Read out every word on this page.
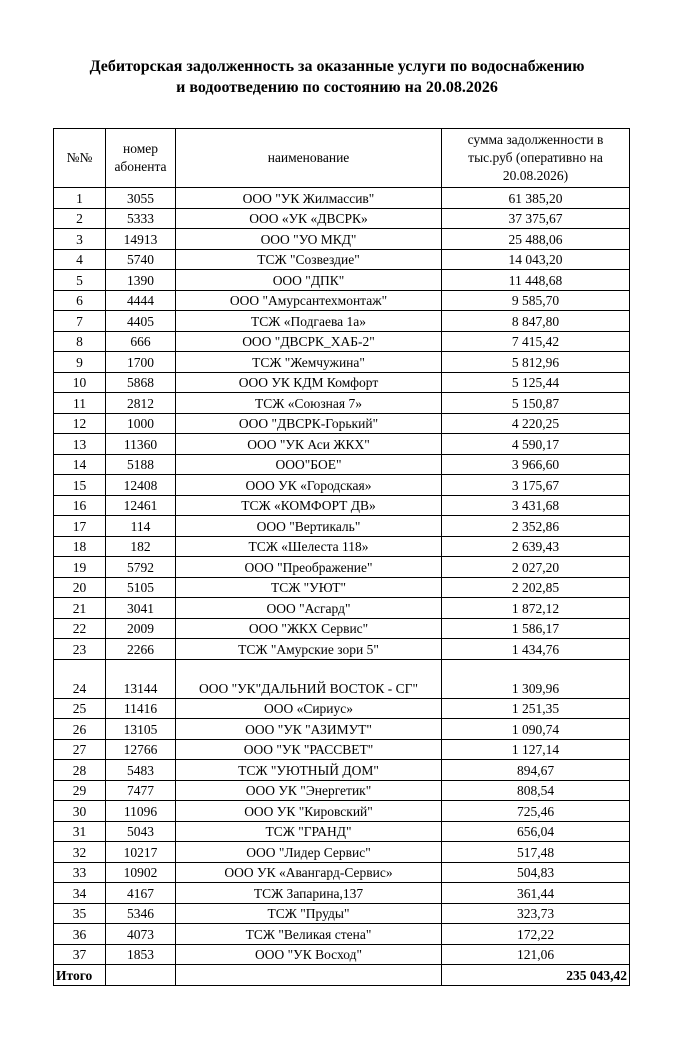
Дебиторская задолженность за оказанные услуги по водоснабжению
и водоотведению по состоянию на 20.08.2026
№№	номер абонента	наименование	сумма задолженности в тыс.руб (оперативно на 20.08.2026)
1	3055	ООО "УК Жилмассив"	61 385,20
2	5333	ООО «УК «ДВСРК»	37 375,67
3	14913	ООО "УО МКД"	25 488,06
4	5740	ТСЖ "Созвездие"	14 043,20
5	1390	ООО "ДПК"	11 448,68
6	4444	ООО "Амурсантехмонтаж"	9 585,70
7	4405	ТСЖ «Подгаева 1а»	8 847,80
8	666	ООО "ДВСРК_ХАБ-2"	7 415,42
9	1700	ТСЖ "Жемчужина"	5 812,96
10	5868	ООО УК КДМ Комфорт	5 125,44
11	2812	ТСЖ «Союзная 7»	5 150,87
12	1000	ООО "ДВСРК-Горький"	4 220,25
13	11360	ООО "УК Аси ЖКХ"	4 590,17
14	5188	ООО"БОЕ"	3 966,60
15	12408	ООО УК «Городская»	3 175,67
16	12461	ТСЖ «КОМФОРТ ДВ»	3 431,68
17	114	ООО "Вертикаль"	2 352,86
18	182	ТСЖ «Шелеста 118»	2 639,43
19	5792	ООО "Преображение"	2 027,20
20	5105	ТСЖ "УЮТ"	2 202,85
21	3041	ООО "Асгард"	1 872,12
22	2009	ООО "ЖКХ Сервис"	1 586,17
23	2266	ТСЖ "Амурские зори 5"	1 434,76
24	13144	ООО "УК"ДАЛЬНИЙ ВОСТОК - СГ"	1 309,96
25	11416	ООО «Сириус»	1 251,35
26	13105	ООО "УК "АЗИМУТ"	1 090,74
27	12766	ООО "УК "РАССВЕТ"	1 127,14
28	5483	ТСЖ "УЮТНЫЙ ДОМ"	894,67
29	7477	ООО УК "Энергетик"	808,54
30	11096	ООО УК "Кировский"	725,46
31	5043	ТСЖ "ГРАНД"	656,04
32	10217	ООО "Лидер Сервис"	517,48
33	10902	ООО УК «Авангард-Сервис»	504,83
34	4167	ТСЖ Запарина,137	361,44
35	5346	ТСЖ "Пруды"	323,73
36	4073	ТСЖ "Великая стена"	172,22
37	1853	ООО "УК Восход"	121,06
Итого			235 043,42
